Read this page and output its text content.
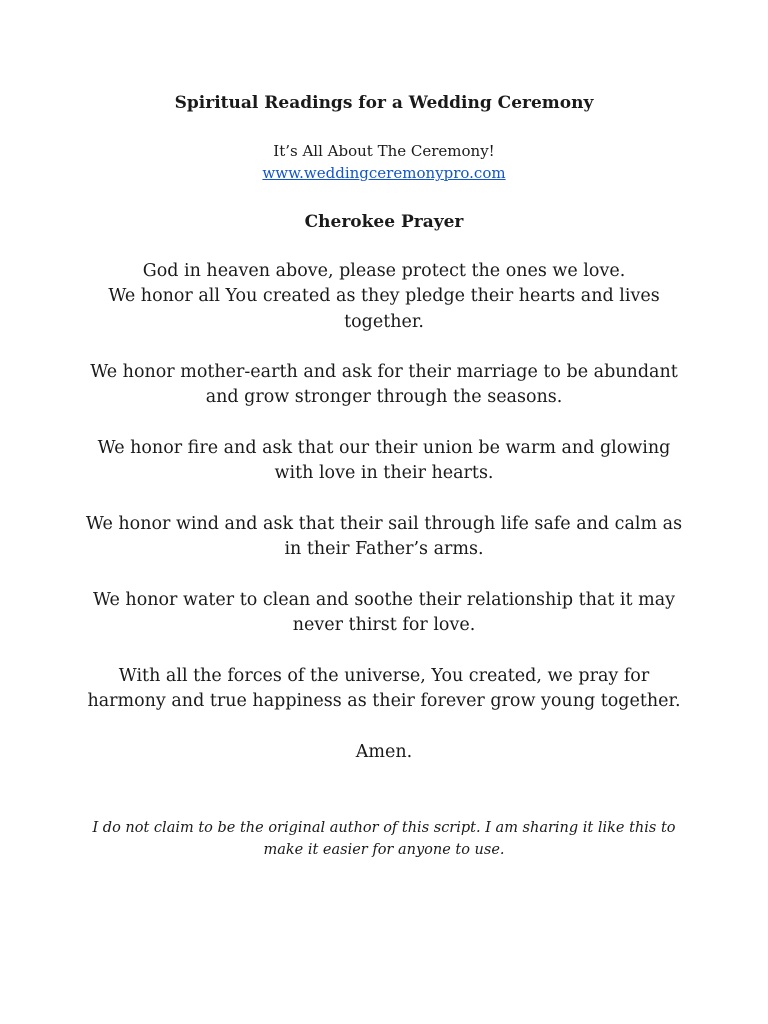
Spiritual Readings for a Wedding Ceremony
It’s All About The Ceremony!
www.weddingceremonypro.com
Cherokee Prayer

God in heaven above, please protect the ones we love.
We honor all You created as they pledge their hearts and lives
together.

We honor mother-earth and ask for their marriage to be abundant
and grow stronger through the seasons.

We honor fire and ask that our their union be warm and glowing
with love in their hearts.

We honor wind and ask that their sail through life safe and calm as
in their Father’s arms.

We honor water to clean and soothe their relationship that it may
never thirst for love.

With all the forces of the universe, You created, we pray for
harmony and true happiness as their forever grow young together.

Amen.

I do not claim to be the original author of this script. I am sharing it like this to
make it easier for anyone to use.
